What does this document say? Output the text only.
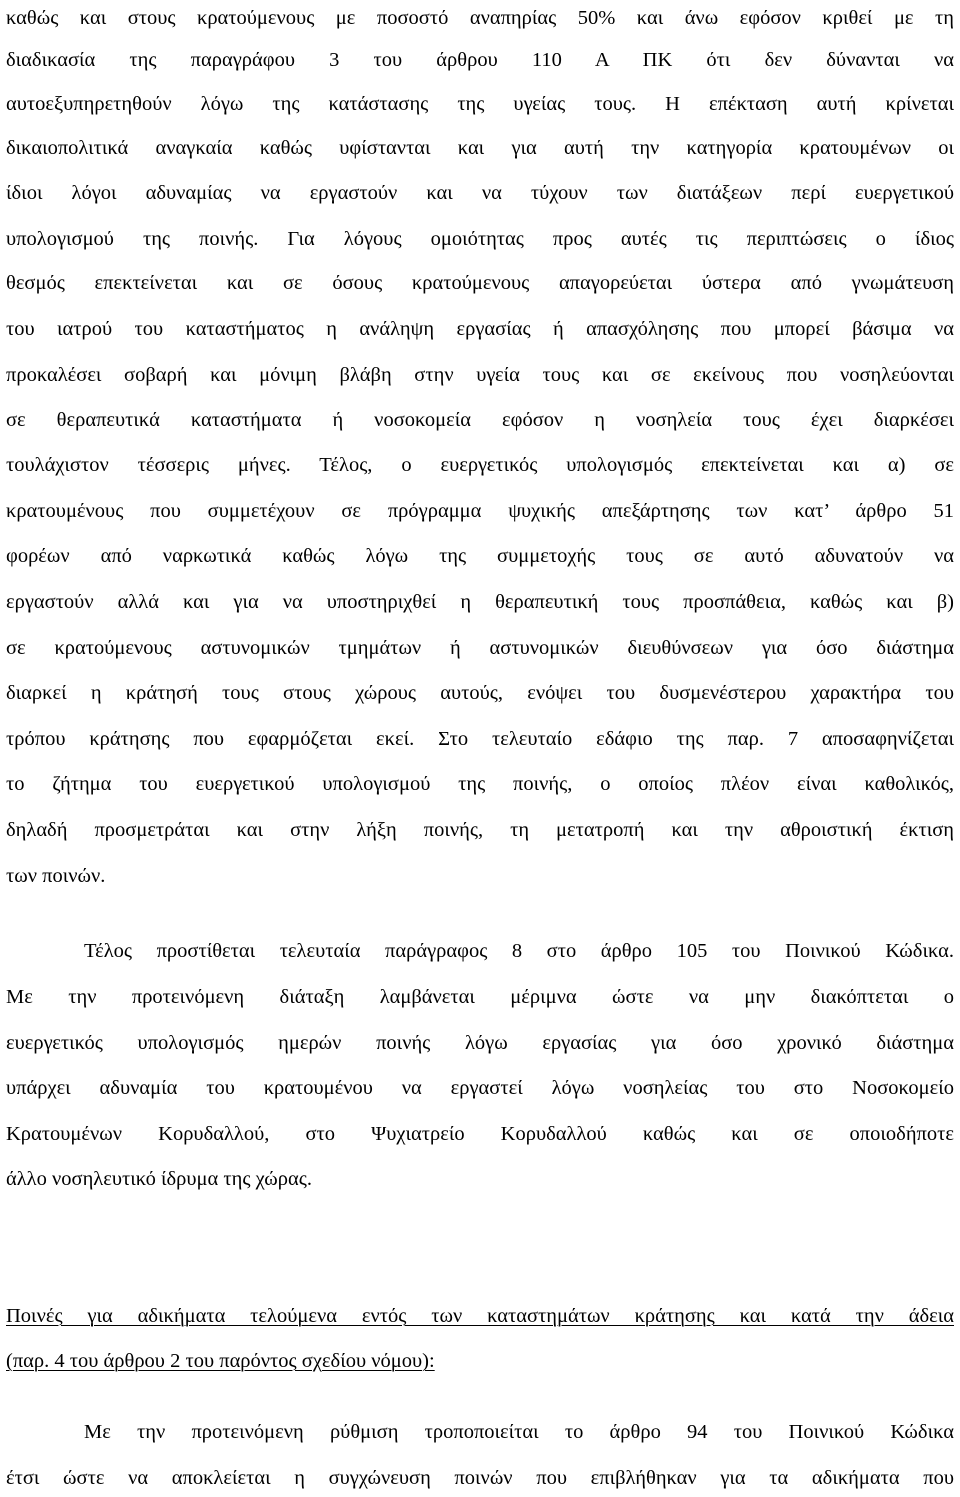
καθώς και στους κρατούμενους με ποσοστό αναπηρίας 50% και άνω εφόσον κριθεί με τη
διαδικασία της παραγράφου 3 του άρθρου 110 Α ΠΚ ότι δεν δύνανται να
αυτοεξυπηρετηθούν λόγω της κατάστασης της υγείας τους. Η επέκταση αυτή κρίνεται
δικαιοπολιτικά αναγκαία καθώς υφίστανται και για αυτή την κατηγορία κρατουμένων οι
ίδιοι λόγοι αδυναμίας να εργαστούν και να τύχουν των διατάξεων περί ευεργετικού
υπολογισμού της ποινής. Για λόγους ομοιότητας προς αυτές τις περιπτώσεις ο ίδιος
θεσμός επεκτείνεται και σε όσους κρατούμενους απαγορεύεται ύστερα από γνωμάτευση
του ιατρού του καταστήματος η ανάληψη εργασίας ή απασχόλησης που μπορεί βάσιμα να
προκαλέσει σοβαρή και μόνιμη βλάβη στην υγεία τους και σε εκείνους που νοσηλεύονται
σε θεραπευτικά καταστήματα ή νοσοκομεία εφόσον η νοσηλεία τους έχει διαρκέσει
τουλάχιστον τέσσερις μήνες. Τέλος, ο ευεργετικός υπολογισμός επεκτείνεται και α) σε
κρατουμένους που συμμετέχουν σε πρόγραμμα ψυχικής απεξάρτησης των κατ’ άρθρο 51
φορέων από ναρκωτικά καθώς λόγω της συμμετοχής τους σε αυτό αδυνατούν να
εργαστούν αλλά και για να υποστηριχθεί η θεραπευτική τους προσπάθεια, καθώς και β)
σε κρατούμενους αστυνομικών τμημάτων ή αστυνομικών διευθύνσεων για όσο διάστημα
διαρκεί η κράτησή τους στους χώρους αυτούς, ενόψει του δυσμενέστερου χαρακτήρα του
τρόπου κράτησης που εφαρμόζεται εκεί. Στο τελευταίο εδάφιο της παρ. 7 αποσαφηνίζεται
το ζήτημα του ευεργετικού υπολογισμού της ποινής, ο οποίος πλέον είναι καθολικός,
δηλαδή προσμετράται και στην λήξη ποινής, τη μετατροπή και την αθροιστική έκτιση
των ποινών.
Τέλος προστίθεται τελευταία παράγραφος 8 στο άρθρο 105 του Ποινικού Κώδικα.
Με την προτεινόμενη διάταξη λαμβάνεται μέριμνα ώστε να μην διακόπτεται ο
ευεργετικός υπολογισμός ημερών ποινής λόγω εργασίας για όσο χρονικό διάστημα
υπάρχει αδυναμία του κρατουμένου να εργαστεί λόγω νοσηλείας του στο Νοσοκομείο
Κρατουμένων Κορυδαλλού, στο Ψυχιατρείο Κορυδαλλού καθώς και σε οποιοδήποτε
άλλο νοσηλευτικό ίδρυμα της χώρας.
Ποινές για αδικήματα τελούμενα εντός των καταστημάτων κράτησης και κατά την άδεια
(παρ. 4 του άρθρου 2 του παρόντος σχεδίου νόμου):
Με την προτεινόμενη ρύθμιση τροποποιείται το άρθρο 94 του Ποινικού Κώδικα
έτσι ώστε να αποκλείεται η συγχώνευση ποινών που επιβλήθηκαν για τα αδικήματα που
